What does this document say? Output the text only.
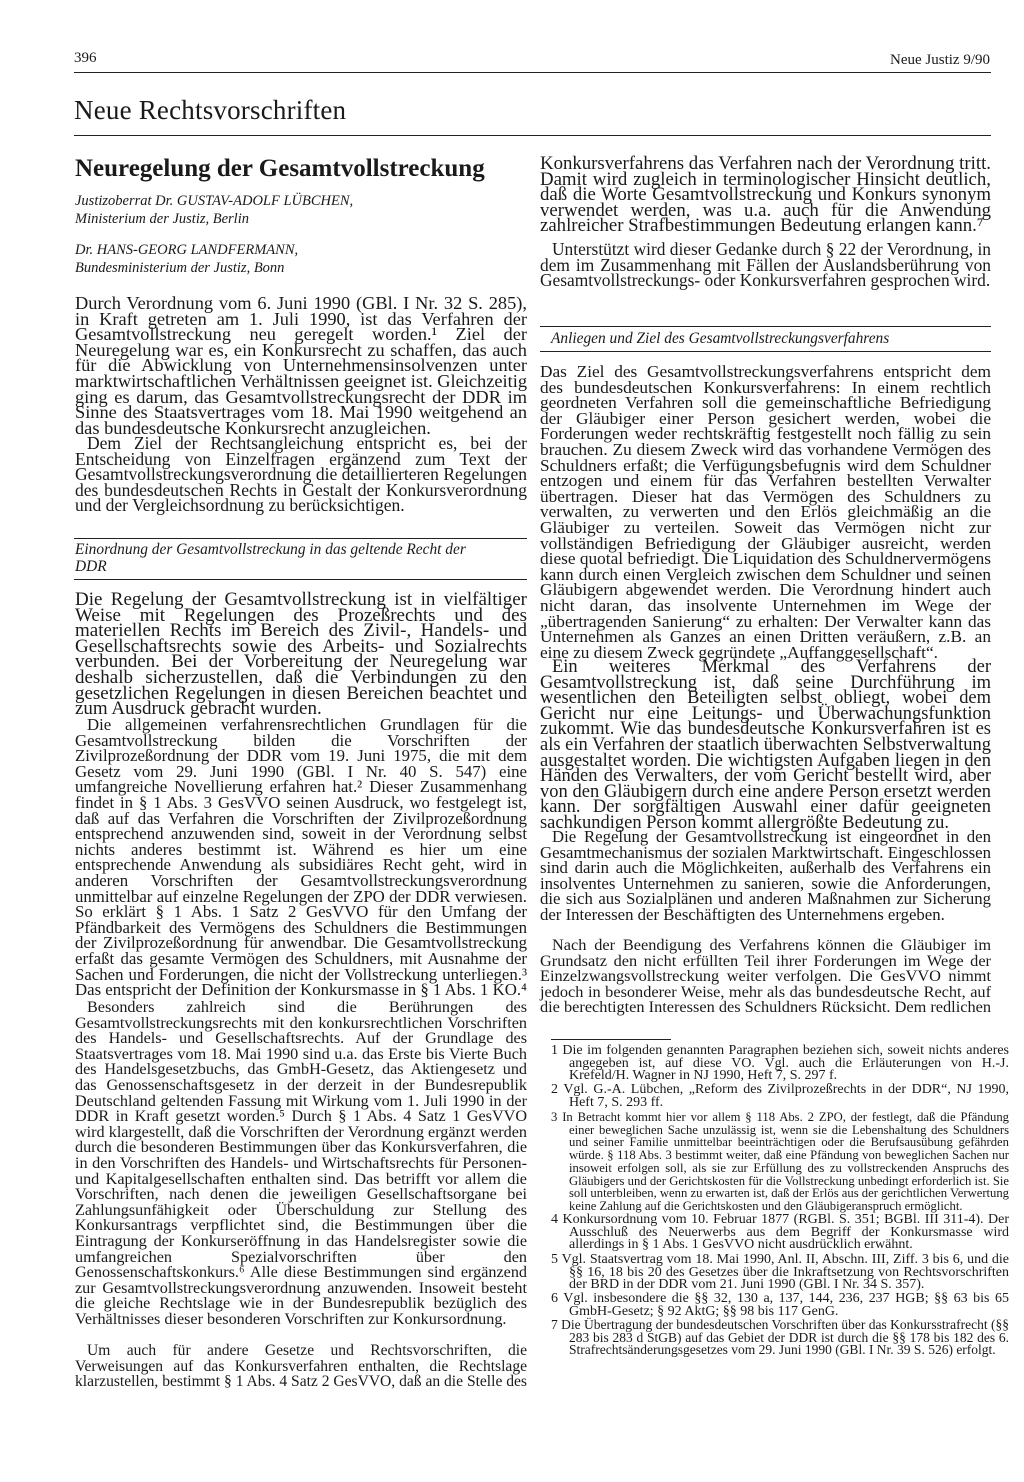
396	Neue Justiz 9/90
Neue Rechtsvorschriften
Neuregelung der Gesamtvollstreckung
Justizoberrat Dr. GUSTAV-ADOLF LÜBCHEN,
Ministerium der Justiz, Berlin
Dr. HANS-GEORG LANDFERMANN,
Bundesministerium der Justiz, Bonn

Durch Verordnung vom 6. Juni 1990 (GBl. I Nr. 32 S. 285), in Kraft getreten am 1. Juli 1990, ist das Verfahren der Gesamtvollstreckung neu geregelt worden.¹ Ziel der Neuregelung war es, ein Konkursrecht zu schaffen, das auch für die Abwicklung von Unternehmensinsolvenzen unter marktwirtschaftlichen Verhältnissen geeignet ist. Gleichzeitig ging es darum, das Gesamtvollstreckungsrecht der DDR im Sinne des Staatsvertrages vom 18. Mai 1990 weitgehend an das bundesdeutsche Konkursrecht anzugleichen.

Dem Ziel der Rechtsangleichung entspricht es, bei der Entscheidung von Einzelfragen ergänzend zum Text der Gesamtvollstreckungsverordnung die detaillierteren Regelungen des bundesdeutschen Rechts in Gestalt der Konkursverordnung und der Vergleichsordnung zu berücksichtigen.

Einordnung der Gesamtvollstreckung in das geltende Recht der DDR

Die Regelung der Gesamtvollstreckung ist in vielfältiger Weise mit Regelungen des Prozeßrechts und des materiellen Rechts im Bereich des Zivil-, Handels- und Gesellschaftsrechts sowie des Arbeits- und Sozialrechts verbunden. Bei der Vorbereitung der Neuregelung war deshalb sicherzustellen, daß die Verbindungen zu den gesetzlichen Regelungen in diesen Bereichen beachtet und zum Ausdruck gebracht wurden.

Die allgemeinen verfahrensrechtlichen Grundlagen für die Gesamtvollstreckung bilden die Vorschriften der Zivilprozeßordnung der DDR vom 19. Juni 1975, die mit dem Gesetz vom 29. Juni 1990 (GBl. I Nr. 40 S. 547) eine umfangreiche Novellierung erfahren hat.² Dieser Zusammenhang findet in § 1 Abs. 3 GesVVO seinen Ausdruck, wo festgelegt ist, daß auf das Verfahren die Vorschriften der Zivilprozeßordnung entsprechend anzuwenden sind, soweit in der Verordnung selbst nichts anderes bestimmt ist. Während es hier um eine entsprechende Anwendung als subsidiäres Recht geht, wird in anderen Vorschriften der Gesamtvollstreckungsverordnung unmittelbar auf einzelne Regelungen der ZPO der DDR verwiesen. So erklärt § 1 Abs. 1 Satz 2 GesVVO für den Umfang der Pfändbarkeit des Vermögens des Schuldners die Bestimmungen der Zivilprozeßordnung für anwendbar. Die Gesamtvollstreckung erfaßt das gesamte Vermögen des Schuldners, mit Ausnahme der Sachen und Forderungen, die nicht der Vollstreckung unterliegen.³ Das entspricht der Definition der Konkursmasse in § 1 Abs. 1 KO.⁴

Besonders zahlreich sind die Berührungen des Gesamtvollstreckungsrechts mit den konkursrechtlichen Vorschriften des Handels- und Gesellschaftsrechts. Auf der Grundlage des Staatsvertrages vom 18. Mai 1990 sind u.a. das Erste bis Vierte Buch des Handelsgesetzbuchs, das GmbH-Gesetz, das Aktiengesetz und das Genossenschaftsgesetz in der derzeit in der Bundesrepublik Deutschland geltenden Fassung mit Wirkung vom 1. Juli 1990 in der DDR in Kraft gesetzt worden.⁵ Durch § 1 Abs. 4 Satz 1 GesVVO wird klargestellt, daß die Vorschriften der Verordnung ergänzt werden durch die besonderen Bestimmungen über das Konkursverfahren, die in den Vorschriften des Handels- und Wirtschaftsrechts für Personen- und Kapitalgesellschaften enthalten sind. Das betrifft vor allem die Vorschriften, nach denen die jeweiligen Gesellschaftsorgane bei Zahlungsunfähigkeit oder Überschuldung zur Stellung des Konkursantrags verpflichtet sind, die Bestimmungen über die Eintragung der Konkurseröffnung in das Handelsregister sowie die umfangreichen Spezialvorschriften über den Genossenschaftskonkurs.⁶ Alle diese Bestimmungen sind ergänzend zur Gesamtvollstreckungsverordnung anzuwenden. Insoweit besteht die gleiche Rechtslage wie in der Bundesrepublik bezüglich des Verhältnisses dieser besonderen Vorschriften zur Konkursordnung.

Um auch für andere Gesetze und Rechtsvorschriften, die Verweisungen auf das Konkursverfahren enthalten, die Rechtslage klarzustellen, bestimmt § 1 Abs. 4 Satz 2 GesVVO, daß an die Stelle des

Konkursverfahrens das Verfahren nach der Verordnung tritt. Damit wird zugleich in terminologischer Hinsicht deutlich, daß die Worte Gesamtvollstreckung und Konkurs synonym verwendet werden, was u.a. auch für die Anwendung zahlreicher Strafbestimmungen Bedeutung erlangen kann.⁷

Unterstützt wird dieser Gedanke durch § 22 der Verordnung, in dem im Zusammenhang mit Fällen der Auslandsberührung von Gesamtvollstreckungs- oder Konkursverfahren gesprochen wird.

Anliegen und Ziel des Gesamtvollstreckungsverfahrens

Das Ziel des Gesamtvollstreckungsverfahrens entspricht dem des bundesdeutschen Konkursverfahrens: In einem rechtlich geordneten Verfahren soll die gemeinschaftliche Befriedigung der Gläubiger einer Person gesichert werden, wobei die Forderungen weder rechtskräftig festgestellt noch fällig zu sein brauchen. Zu diesem Zweck wird das vorhandene Vermögen des Schuldners erfaßt; die Verfügungsbefugnis wird dem Schuldner entzogen und einem für das Verfahren bestellten Verwalter übertragen. Dieser hat das Vermögen des Schuldners zu verwalten, zu verwerten und den Erlös gleichmäßig an die Gläubiger zu verteilen. Soweit das Vermögen nicht zur vollständigen Befriedigung der Gläubiger ausreicht, werden diese quotal befriedigt. Die Liquidation des Schuldnervermögens kann durch einen Vergleich zwischen dem Schuldner und seinen Gläubigern abgewendet werden. Die Verordnung hindert auch nicht daran, das insolvente Unternehmen im Wege der „übertragenden Sanierung“ zu erhalten: Der Verwalter kann das Unternehmen als Ganzes an einen Dritten veräußern, z.B. an eine zu diesem Zweck gegründete „Auffanggesellschaft“.

Ein weiteres Merkmal des Verfahrens der Gesamtvollstreckung ist, daß seine Durchführung im wesentlichen den Beteiligten selbst obliegt, wobei dem Gericht nur eine Leitungs- und Überwachungsfunktion zukommt. Wie das bundesdeutsche Konkursverfahren ist es als ein Verfahren der staatlich überwachten Selbstverwaltung ausgestaltet worden. Die wichtigsten Aufgaben liegen in den Händen des Verwalters, der vom Gericht bestellt wird, aber von den Gläubigern durch eine andere Person ersetzt werden kann. Der sorgfältigen Auswahl einer dafür geeigneten sachkundigen Person kommt allergrößte Bedeutung zu.

Die Regelung der Gesamtvollstreckung ist eingeordnet in den Gesamtmechanismus der sozialen Marktwirtschaft. Eingeschlossen sind darin auch die Möglichkeiten, außerhalb des Verfahrens ein insolventes Unternehmen zu sanieren, sowie die Anforderungen, die sich aus Sozialplänen und anderen Maßnahmen zur Sicherung der Interessen der Beschäftigten des Unternehmens ergeben.

Nach der Beendigung des Verfahrens können die Gläubiger im Grundsatz den nicht erfüllten Teil ihrer Forderungen im Wege der Einzelzwangsvollstreckung weiter verfolgen. Die GesVVO nimmt jedoch in besonderer Weise, mehr als das bundesdeutsche Recht, auf die berechtigten Interessen des Schuldners Rücksicht. Dem redlichen

1 Die im folgenden genannten Paragraphen beziehen sich, soweit nichts anderes angegeben ist, auf diese VO. Vgl. auch die Erläuterungen von H.-J. Krefeld/H. Wagner in NJ 1990, Heft 7, S. 297 f.

2 Vgl. G.-A. Lübchen, „Reform des Zivilprozeßrechts in der DDR“, NJ 1990, Heft 7, S. 293 ff.

3 In Betracht kommt hier vor allem § 118 Abs. 2 ZPO, der festlegt, daß die Pfändung einer beweglichen Sache unzulässig ist, wenn sie die Lebenshaltung des Schuldners und seiner Familie unmittelbar beeinträchtigen oder die Berufsausübung gefährden würde. § 118 Abs. 3 bestimmt weiter, daß eine Pfändung von beweglichen Sachen nur insoweit erfolgen soll, als sie zur Erfüllung des zu vollstreckenden Anspruchs des Gläubigers und der Gerichtskosten für die Vollstreckung unbedingt erforderlich ist. Sie soll unterbleiben, wenn zu erwarten ist, daß der Erlös aus der gerichtlichen Verwertung keine Zahlung auf die Gerichtskosten und den Gläubigeranspruch ermöglicht.

4 Konkursordnung vom 10. Februar 1877 (RGBl. S. 351; BGBl. III 311-4). Der Ausschluß des Neuerwerbs aus dem Begriff der Konkursmasse wird allerdings in § 1 Abs. 1 GesVVO nicht ausdrücklich erwähnt.

5 Vgl. Staatsvertrag vom 18. Mai 1990, Anl. II, Abschn. III, Ziff. 3 bis 6, und die §§ 16, 18 bis 20 des Gesetzes über die Inkraftsetzung von Rechtsvorschriften der BRD in der DDR vom 21. Juni 1990 (GBl. I Nr. 34 S. 357).

6 Vgl. insbesondere die §§ 32, 130 a, 137, 144, 236, 237 HGB; §§ 63 bis 65 GmbH-Gesetz; § 92 AktG; §§ 98 bis 117 GenG.

7 Die Übertragung der bundesdeutschen Vorschriften über das Konkursstrafrecht (§§ 283 bis 283 d StGB) auf das Gebiet der DDR ist durch die §§ 178 bis 182 des 6. Strafrechtsänderungsgesetzes vom 29. Juni 1990 (GBl. I Nr. 39 S. 526) erfolgt.
